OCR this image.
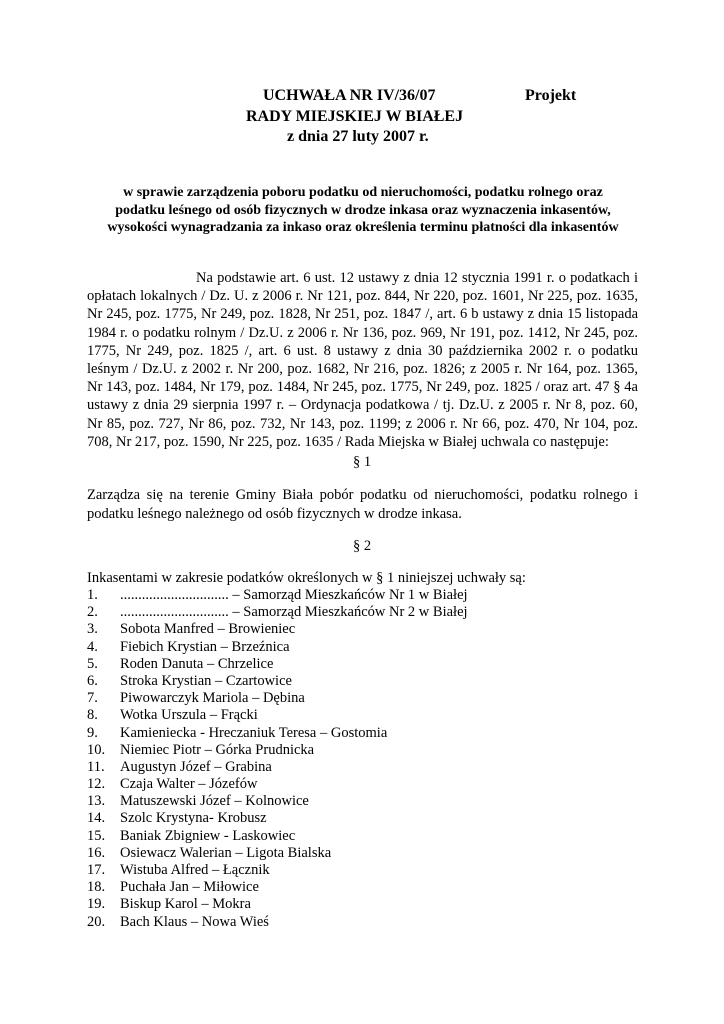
UCHWAŁA NR IV/36/07	Projekt
RADY MIEJSKIEJ W BIAŁEJ
z dnia 27 luty 2007 r.
w sprawie zarządzenia poboru podatku od nieruchomości, podatku rolnego oraz
podatku leśnego od osób fizycznych w drodze inkasa oraz wyznaczenia inkasentów,
wysokości wynagradzania za inkaso oraz określenia terminu płatności dla inkasentów
Na podstawie art. 6 ust. 12 ustawy z dnia 12 stycznia 1991 r. o podatkach i
opłatach lokalnych / Dz. U. z 2006 r. Nr 121, poz. 844, Nr 220, poz. 1601, Nr 225, poz. 1635,
Nr 245, poz. 1775, Nr 249, poz. 1828, Nr 251, poz. 1847 /, art. 6 b ustawy z dnia 15 listopada
1984 r. o podatku rolnym / Dz.U. z 2006 r. Nr 136, poz. 969, Nr 191, poz. 1412, Nr 245, poz.
1775, Nr 249, poz. 1825 /, art. 6 ust. 8 ustawy z dnia 30 października 2002 r. o podatku
leśnym / Dz.U. z 2002 r. Nr 200, poz. 1682, Nr 216, poz. 1826; z 2005 r. Nr 164, poz. 1365,
Nr 143, poz. 1484, Nr 179, poz. 1484, Nr 245, poz. 1775, Nr 249, poz. 1825 / oraz art. 47 § 4a
ustawy z dnia 29 sierpnia 1997 r. – Ordynacja podatkowa / tj. Dz.U. z 2005 r. Nr 8, poz. 60,
Nr 85, poz. 727, Nr 86, poz. 732, Nr 143, poz. 1199; z 2006 r. Nr 66, poz. 470, Nr 104, poz.
708, Nr 217, poz. 1590, Nr 225, poz. 1635 / Rada Miejska w Białej uchwala co następuje:
§ 1
Zarządza się na terenie Gminy Biała pobór podatku od nieruchomości, podatku rolnego i
podatku leśnego należnego od osób fizycznych w drodze inkasa.
§ 2
Inkasentami w zakresie podatków określonych w § 1 niniejszej uchwały są:
1. .............................. – Samorząd Mieszkańców Nr 1 w Białej
2. .............................. – Samorząd Mieszkańców Nr 2 w Białej
3. Sobota Manfred – Browieniec
4. Fiebich Krystian – Brzeźnica
5. Roden Danuta – Chrzelice
6. Stroka Krystian – Czartowice
7. Piwowarczyk Mariola – Dębina
8. Wotka Urszula – Frącki
9. Kamieniecka - Hreczaniuk Teresa – Gostomia
10. Niemiec Piotr – Górka Prudnicka
11. Augustyn Józef – Grabina
12. Czaja Walter – Józefów
13. Matuszewski Józef – Kolnowice
14. Szolc Krystyna- Krobusz
15. Baniak Zbigniew - Laskowiec
16. Osiewacz Walerian – Ligota Bialska
17. Wistuba Alfred – Łącznik
18. Puchała Jan – Miłowice
19. Biskup Karol – Mokra
20. Bach Klaus – Nowa Wieś
